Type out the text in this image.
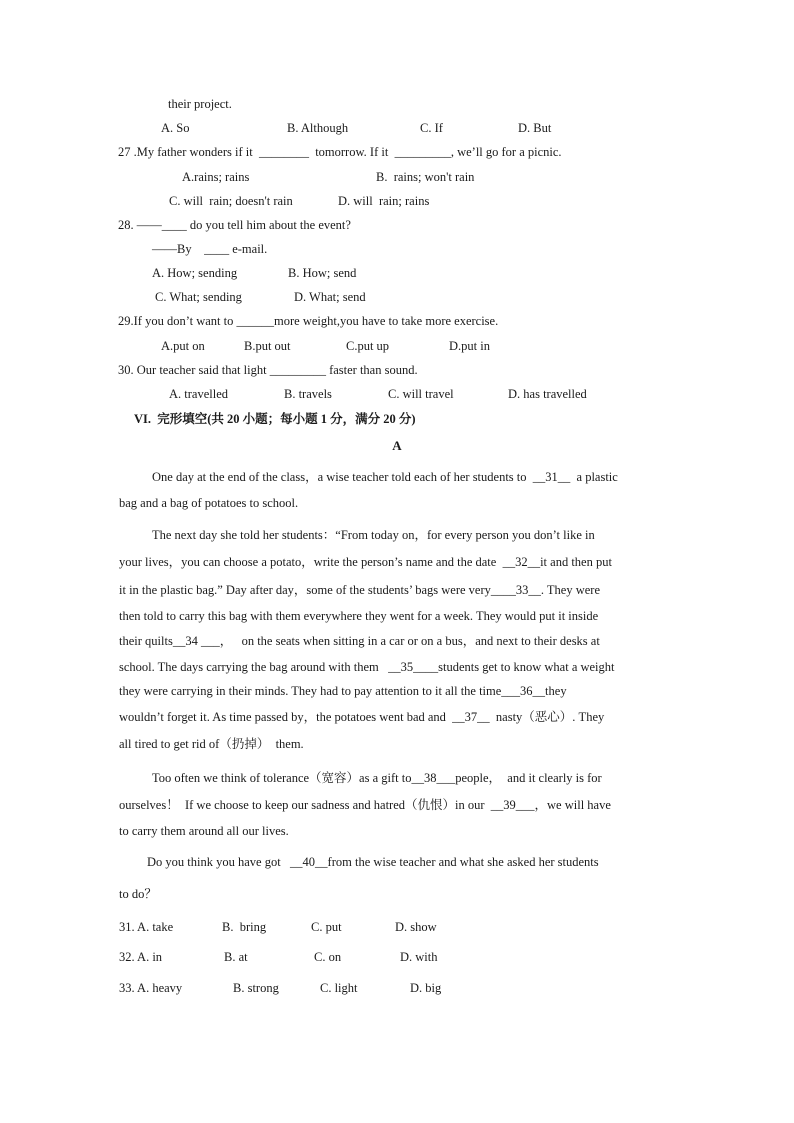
their project.
A. So	B. Although	C. If	D. But
27 .My father wonders if it  ________  tomorrow. If it  _________, we’ll go for a picnic.
A.rains; rains	B.  rains; won't rain
C. will  rain; doesn't rain	D. will  rain; rains
28. ——____ do you tell him about the event?
——By    ____ e-mail.
A. How; sending	B. How; send
C. What; sending	D. What; send
29.If you don’t want to ______more weight,you have to take more exercise.
A.put on	B.put out	C.put up	D.put in
30. Our teacher said that light _________ faster than sound.
A. travelled	B. travels	C. will travel	D. has travelled
VI.  完形填空(共 20 小题；每小题 1 分，满分 20 分)
A
One day at the end of the class，a wise teacher told each of her students to  __31__  a plastic
bag and a bag of potatoes to school.
The next day she told her students：“From today on，for every person you don’t like in
your lives，you can choose a potato，write the person’s name and the date  __32__it and then put
it in the plastic bag.” Day after day，some of the students’ bags were very____33__. They were
then told to carry this bag with them everywhere they went for a week. They would put it inside
their quilts__34 ___，   on the seats when sitting in a car or on a bus，and next to their desks at
school. The days carrying the bag around with them   __35____students get to know what a weight
they were carrying in their minds. They had to pay attention to it all the time___36__they
wouldn’t forget it. As time passed by，the potatoes went bad and  __37__  nasty（恶心）. They
all tired to get rid of（扔掉）  them.
Too often we think of tolerance（宽容）as a gift to__38___people，  and it clearly is for
ourselves！  If we choose to keep our sadness and hatred（仇恨）in our  __39___，we will have
to carry them around all our lives.
Do you think you have got   __40__from the wise teacher and what she asked her students
to do？
31. A. take	B.  bring	C. put	D. show
32. A. in	B. at	C. on	D. with
33. A. heavy	B. strong	C. light	D. big
